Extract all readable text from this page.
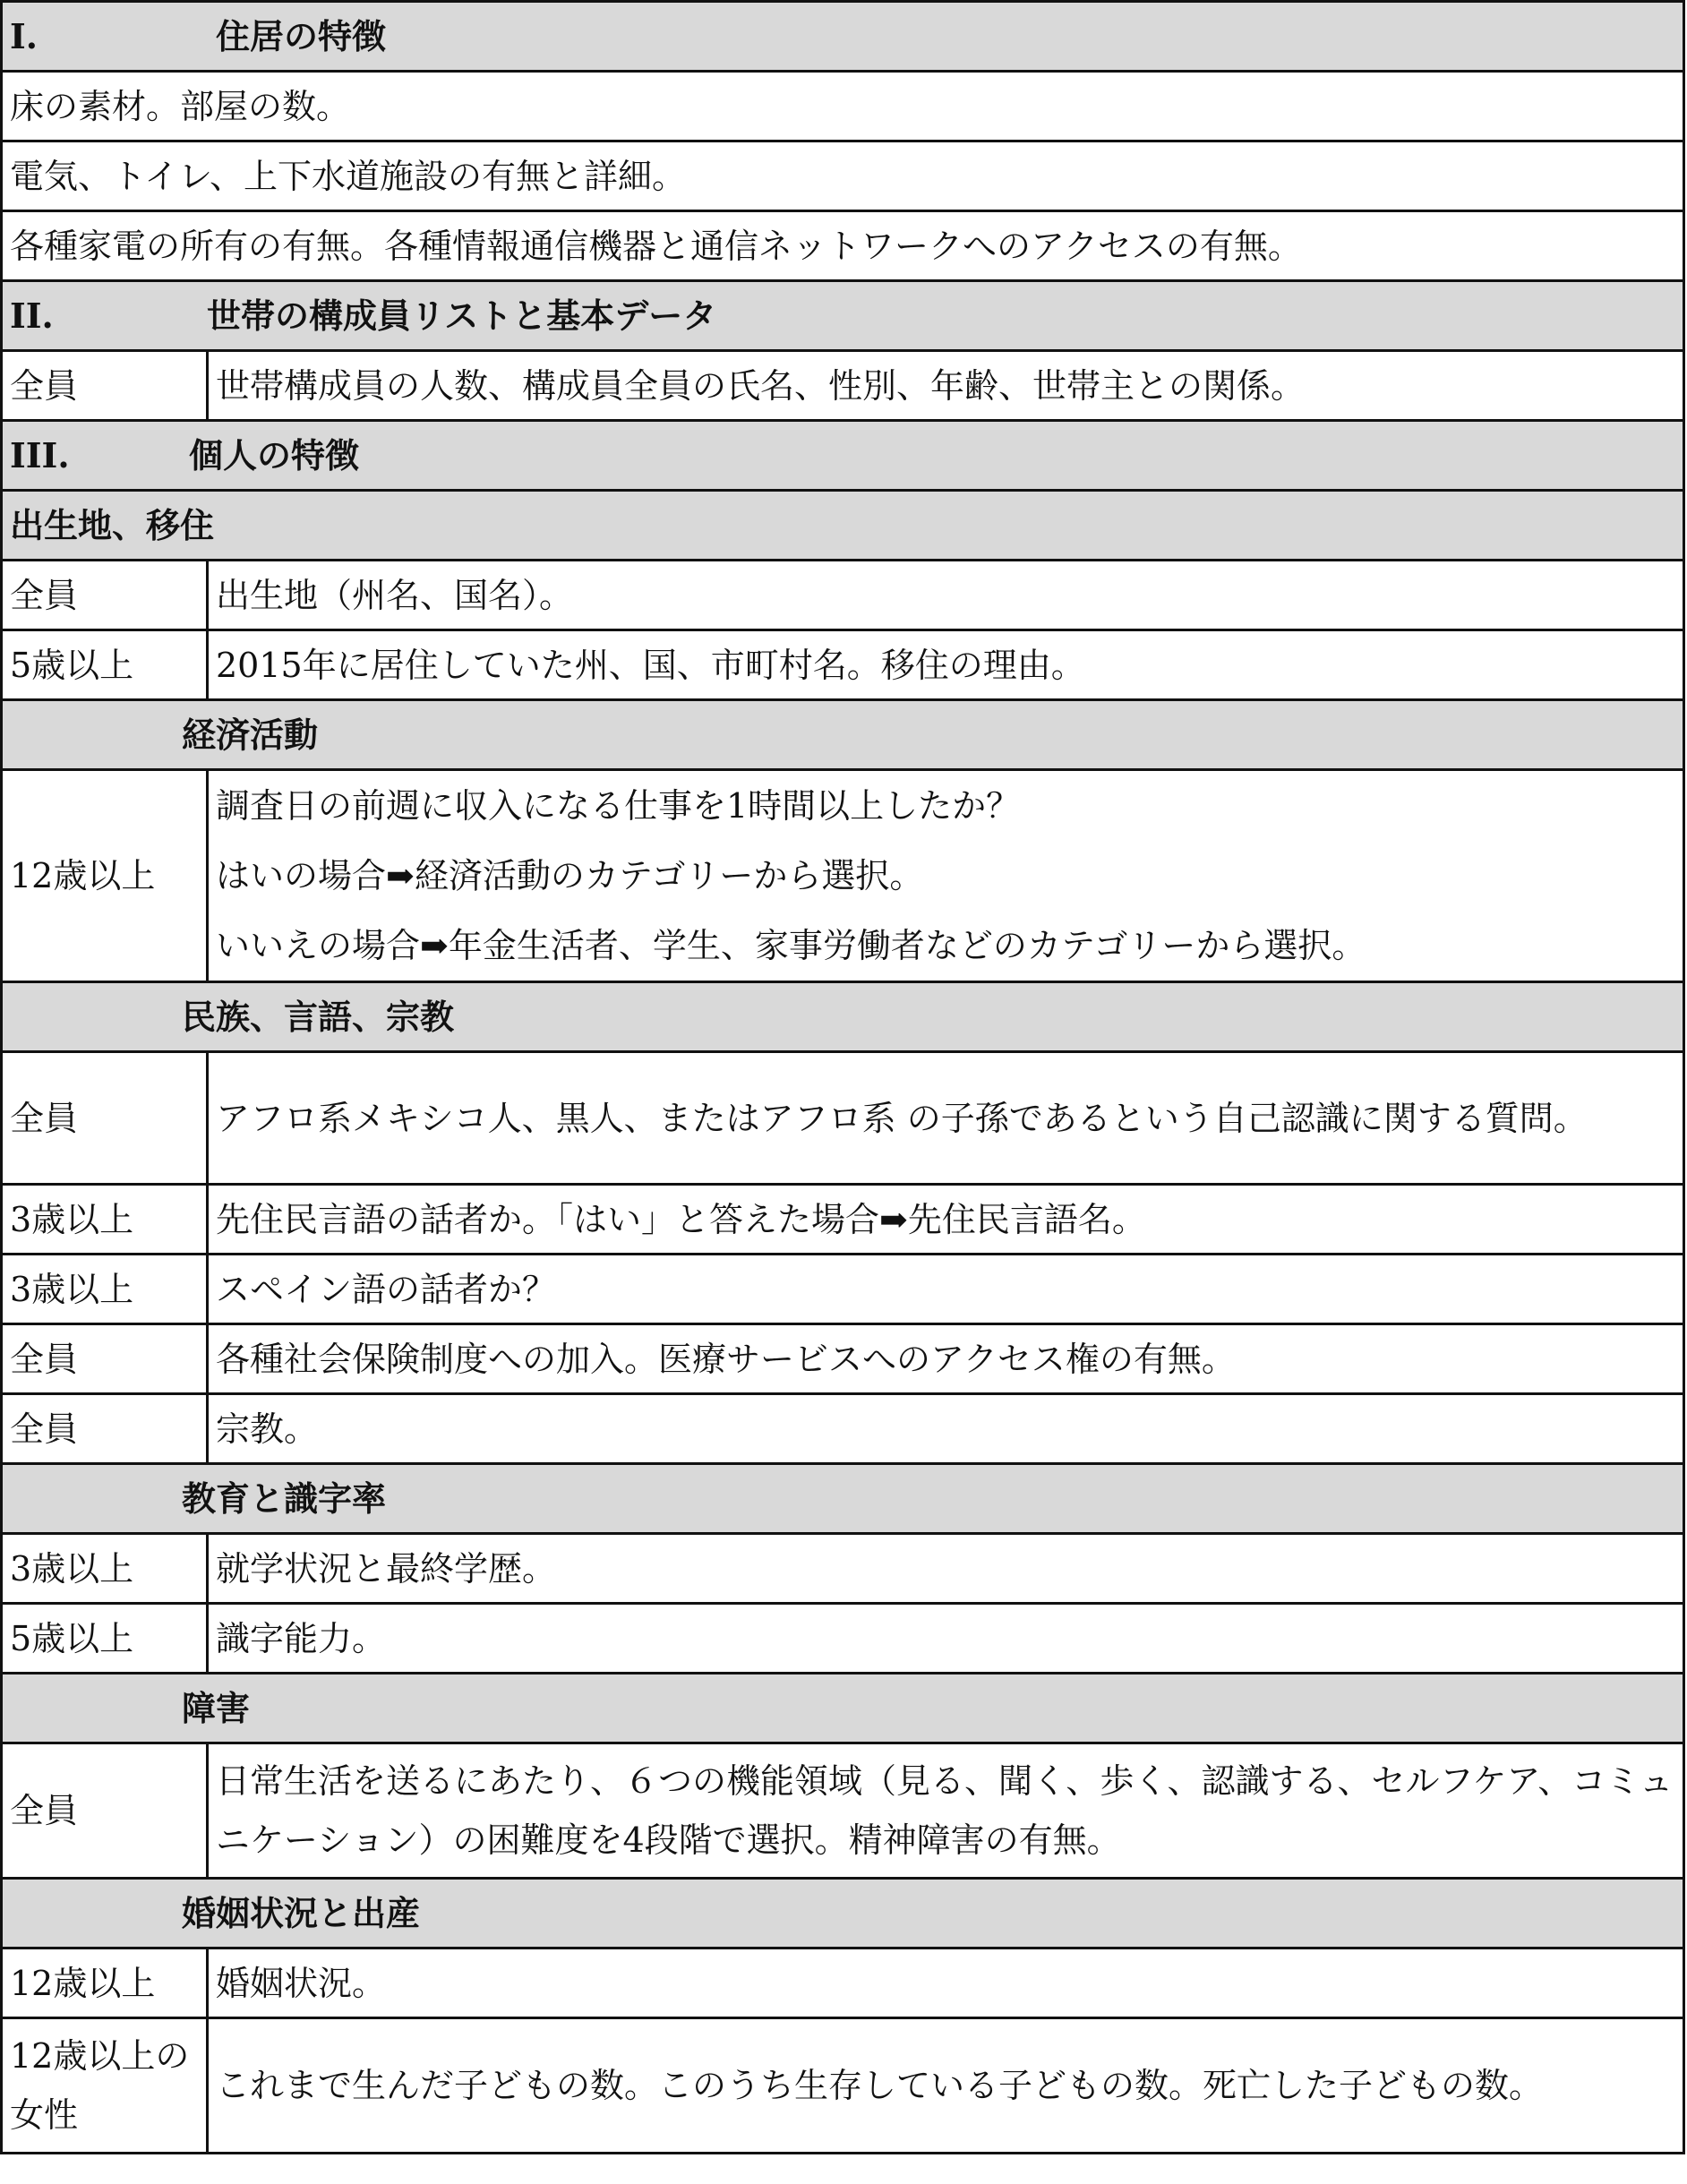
I. 住居の特徴	
床の素材。部屋の数。	
電気、トイレ、上下水道施設の有無と詳細。	
各種家電の所有の有無。各種情報通信機器と通信ネットワークへのアクセスの有無。	
II. 世帯の構成員リストと基本データ	
全員	世帯構成員の人数、構成員全員の氏名、性別、年齢、世帯主との関係。
III. 個人の特徴	
出生地、移住	
全員	出生地（州名、国名）。
5歳以上	2015年に居住していた州、国、市町村名。移住の理由。
経済活動	
12歳以上	調査日の前週に収入になる仕事を1時間以上したか？
はいの場合➡経済活動のカテゴリーから選択。
いいえの場合➡年金生活者、学生、家事労働者などのカテゴリーから選択。

民族、言語、宗教	
全員	アフロ系メキシコ人、黒人、またはアフロ系 の子孫であるという自己認識に関する質問。
3歳以上	先住民言語の話者か。「はい」と答えた場合➡先住民言語名。
3歳以上	スペイン語の話者か？
全員	各種社会保険制度への加入。医療サービスへのアクセス権の有無。
全員	宗教。
教育と識字率	
3歳以上	就学状況と最終学歴。
5歳以上	識字能力。
障害	
全員	日常生活を送るにあたり、６つの機能領域（見る、聞く、歩く、認識する、セルフケア、コミュニケーション）の困難度を4段階で選択。精神障害の有無。
婚姻状況と出産	
12歳以上	婚姻状況。
12歳以上の女性	これまで生んだ子どもの数。このうち生存している子どもの数。死亡した子どもの数。
